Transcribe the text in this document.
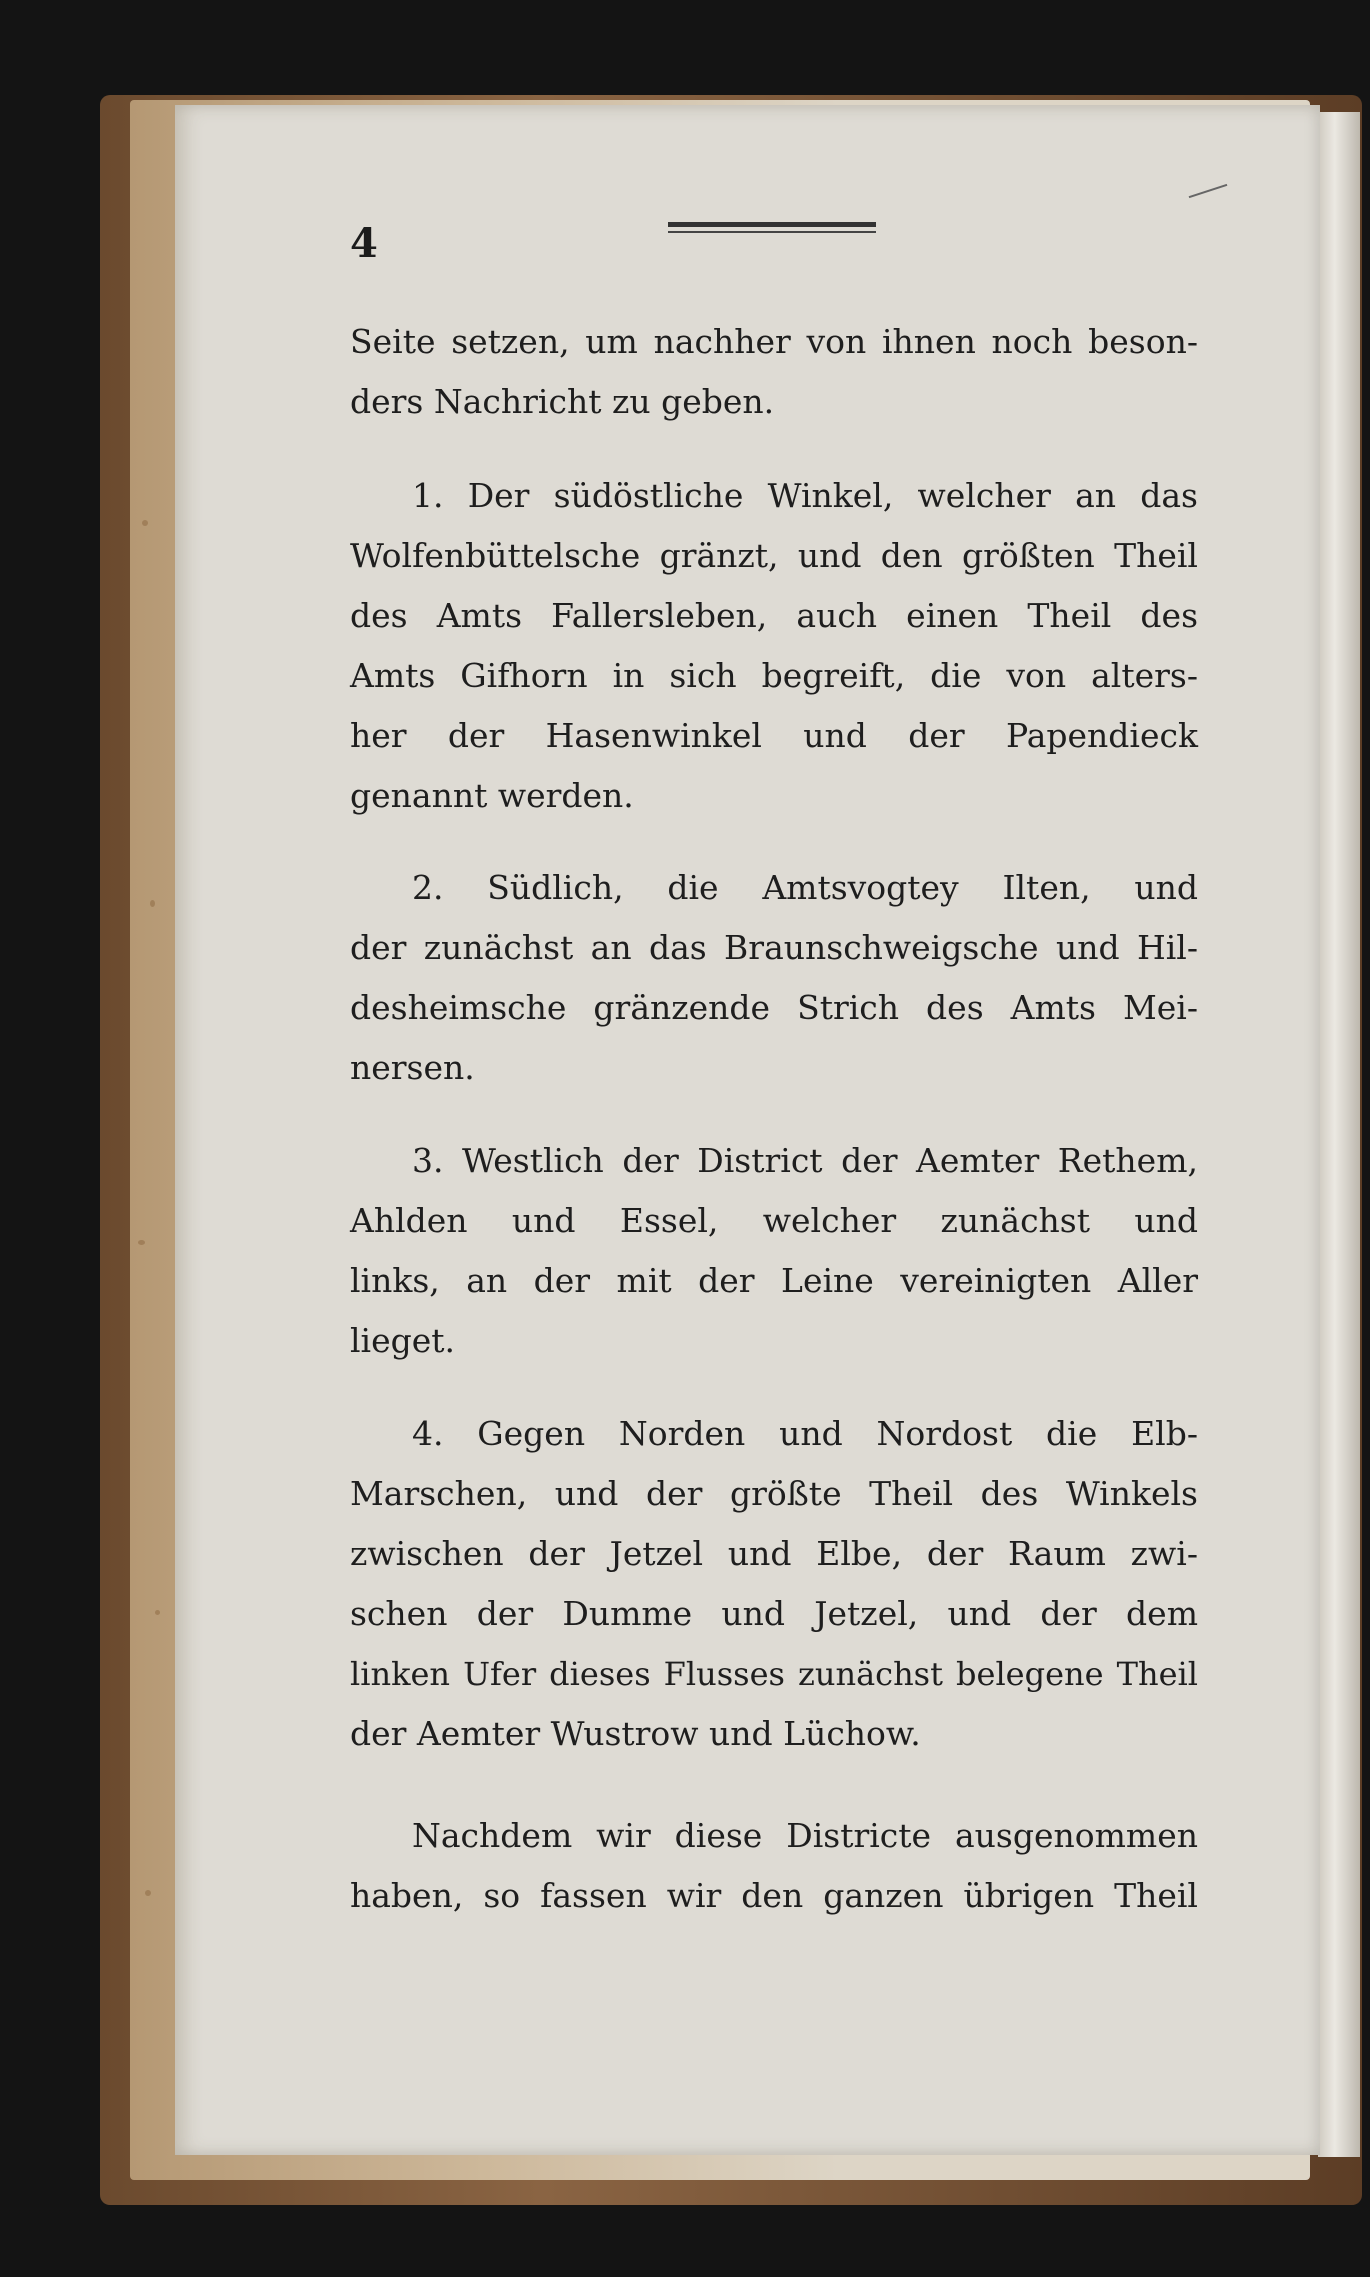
4
Seite setzen, um nachher von ihnen noch beson-
ders Nachricht zu geben.
1. Der südöstliche Winkel, welcher an das
Wolfenbüttelsche gränzt, und den größten Theil
des Amts Fallersleben, auch einen Theil des
Amts Gifhorn in sich begreift, die von alters-
her der Hasenwinkel und der Papendieck
genannt werden.
2. Südlich, die Amtsvogtey Ilten, und
der zunächst an das Braunschweigsche und Hil-
desheimsche gränzende Strich des Amts Mei-
nersen.
3. Westlich der District der Aemter Rethem,
Ahlden und Essel, welcher zunächst und
links, an der mit der Leine vereinigten Aller
lieget.
4. Gegen Norden und Nordost die Elb-
Marschen, und der größte Theil des Winkels
zwischen der Jetzel und Elbe, der Raum zwi-
schen der Dumme und Jetzel, und der dem
linken Ufer dieses Flusses zunächst belegene Theil
der Aemter Wustrow und Lüchow.
Nachdem wir diese Districte ausgenommen
haben, so fassen wir den ganzen übrigen Theil
